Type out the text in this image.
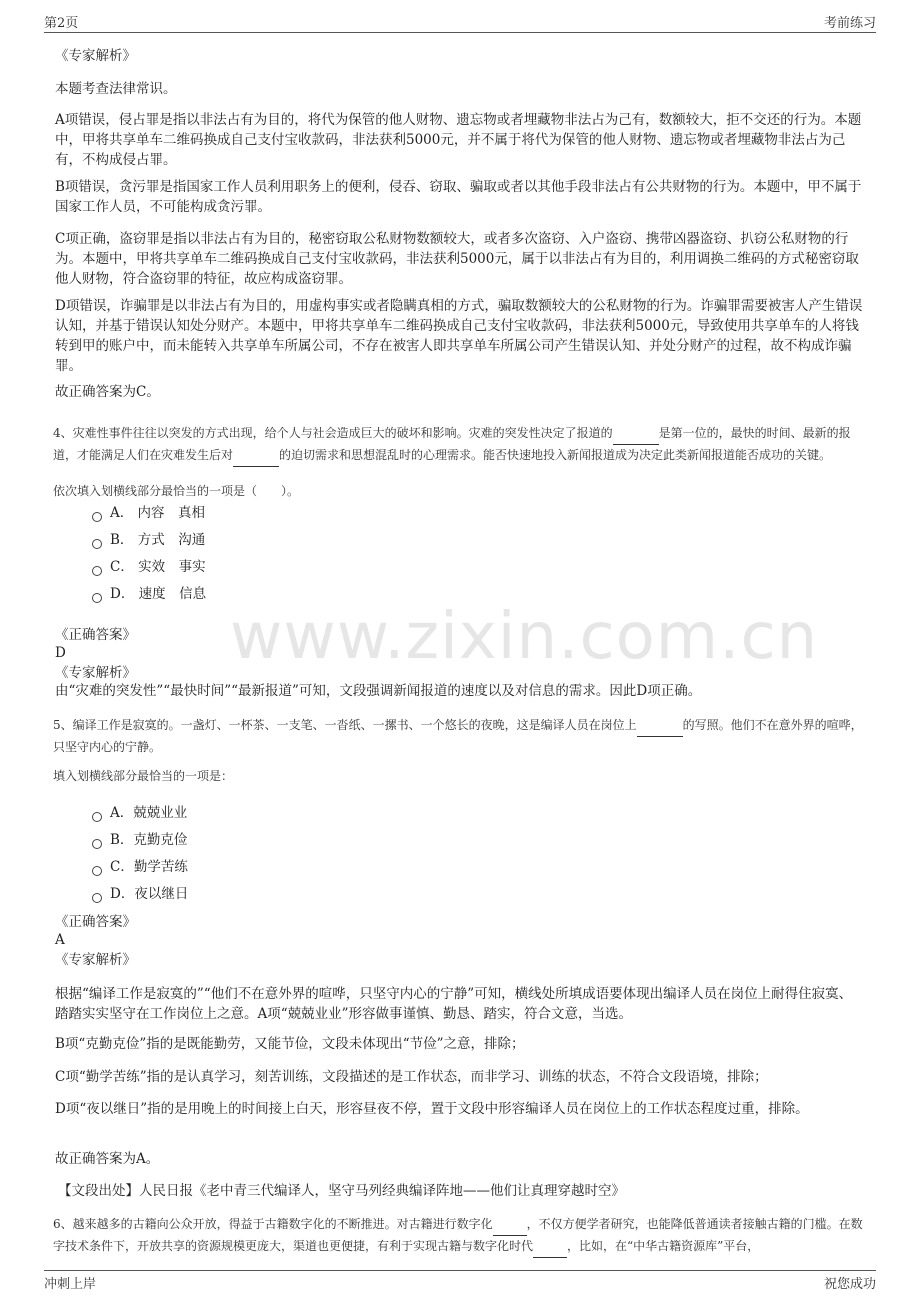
第2页	考前练习
www.zixin.com.cn
《专家解析》
本题考查法律常识。
A项错误，侵占罪是指以非法占有为目的，将代为保管的他人财物、遗忘物或者埋藏物非法占为己有，数额较大，拒不交还的行为。本题中，甲将共享单车二维码换成自己支付宝收款码，非法获利5000元，并不属于将代为保管的他人财物、遗忘物或者埋藏物非法占为己有，不构成侵占罪。
B项错误，贪污罪是指国家工作人员利用职务上的便利，侵吞、窃取、骗取或者以其他手段非法占有公共财物的行为。本题中，甲不属于国家工作人员，不可能构成贪污罪。
C项正确，盗窃罪是指以非法占有为目的，秘密窃取公私财物数额较大，或者多次盗窃、入户盗窃、携带凶器盗窃、扒窃公私财物的行为。本题中，甲将共享单车二维码换成自己支付宝收款码，非法获利5000元，属于以非法占有为目的，利用调换二维码的方式秘密窃取他人财物，符合盗窃罪的特征，故应构成盗窃罪。
D项错误，诈骗罪是以非法占有为目的，用虚构事实或者隐瞒真相的方式，骗取数额较大的公私财物的行为。诈骗罪需要被害人产生错误认知，并基于错误认知处分财产。本题中，甲将共享单车二维码换成自己支付宝收款码，非法获利5000元，导致使用共享单车的人将钱转到甲的账户中，而未能转入共享单车所属公司，不存在被害人即共享单车所属公司产生错误认知、并处分财产的过程，故不构成诈骗罪。
故正确答案为C。
4、灾难性事件往往以突发的方式出现，给个人与社会造成巨大的破坏和影响。灾难的突发性决定了报道的	是第一位的，最快的时间、最新的报道，才能满足人们在灾难发生后对	的迫切需求和思想混乱时的心理需求。能否快速地投入新闻报道成为决定此类新闻报道能否成功的关键。
依次填入划横线部分最恰当的一项是（　　）。
A． 内容　真相
B． 方式　沟通
C． 实效　事实
D． 速度　信息
《正确答案》
D
《专家解析》
由“灾难的突发性”“最快时间”“最新报道”可知，文段强调新闻报道的速度以及对信息的需求。因此D项正确。
5、编译工作是寂寞的。一盏灯、一杯茶、一支笔、一沓纸、一摞书、一个悠长的夜晚，这是编译人员在岗位上	的写照。他们不在意外界的喧哗，只坚守内心的宁静。
填入划横线部分最恰当的一项是：
A．兢兢业业
B．克勤克俭
C．勤学苦练
D．夜以继日
《正确答案》
A
《专家解析》
根据“编译工作是寂寞的”“他们不在意外界的喧哗，只坚守内心的宁静”可知，横线处所填成语要体现出编译人员在岗位上耐得住寂寞、踏踏实实坚守在工作岗位上之意。A项“兢兢业业”形容做事谨慎、勤恳、踏实，符合文意，当选。
B项“克勤克俭”指的是既能勤劳，又能节俭，文段未体现出“节俭”之意，排除；
C项“勤学苦练”指的是认真学习，刻苦训练，文段描述的是工作状态，而非学习、训练的状态，不符合文段语境，排除；
D项“夜以继日”指的是用晚上的时间接上白天，形容昼夜不停，置于文段中形容编译人员在岗位上的工作状态程度过重，排除。
故正确答案为A。
【文段出处】人民日报《老中青三代编译人，坚守马列经典编译阵地——他们让真理穿越时空》
6、越来越多的古籍向公众开放，得益于古籍数字化的不断推进。对古籍进行数字化	，不仅方便学者研究，也能降低普通读者接触古籍的门槛。在数字技术条件下，开放共享的资源规模更庞大，渠道也更便捷，有利于实现古籍与数字化时代	，比如，在“中华古籍资源库”平台，
冲刺上岸	祝您成功
